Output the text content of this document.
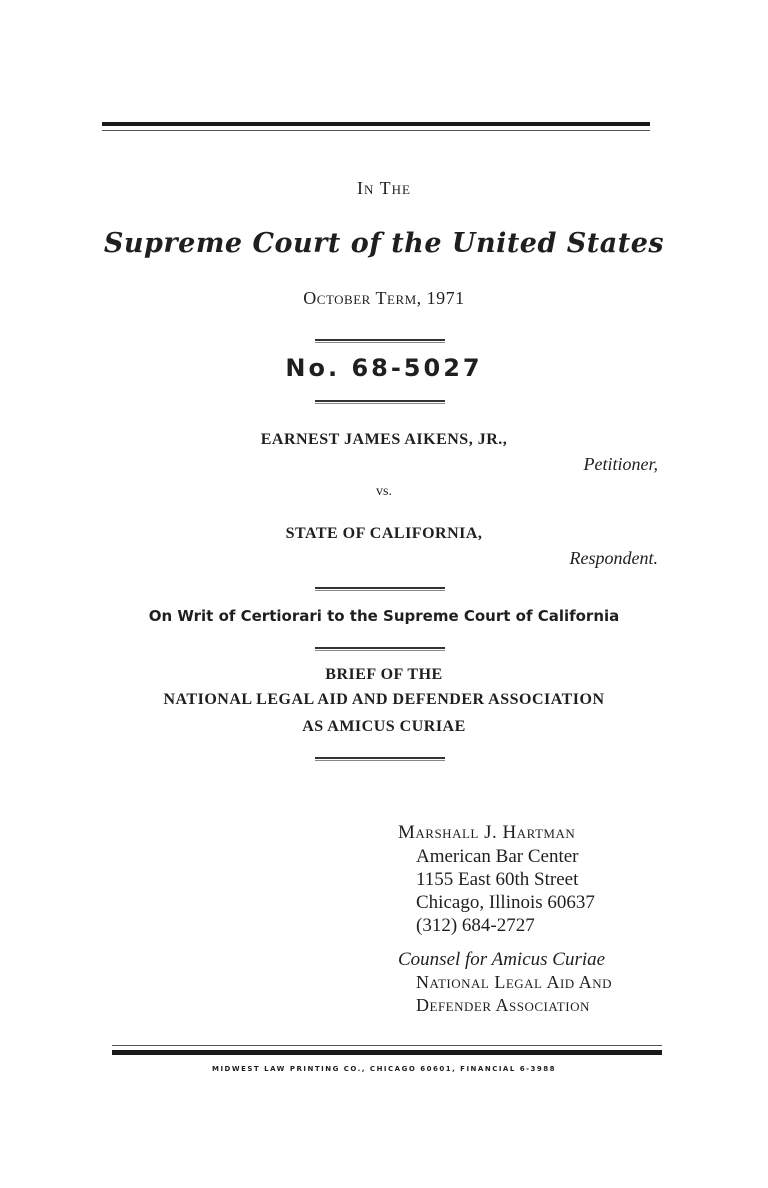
In The
Supreme Court of the United States
October Term, 1971
No. 68-5027
EARNEST JAMES AIKENS, JR.,
Petitioner,
vs.
STATE OF CALIFORNIA,
Respondent.
On Writ of Certiorari to the Supreme Court of California
BRIEF OF THE
NATIONAL LEGAL AID AND DEFENDER ASSOCIATION
AS AMICUS CURIAE
Marshall J. Hartman
American Bar Center
1155 East 60th Street
Chicago, Illinois 60637
(312) 684-2727
Counsel for Amicus Curiae
National Legal Aid And
Defender Association
MIDWEST LAW PRINTING CO., CHICAGO 60601, FINANCIAL 6-3988
